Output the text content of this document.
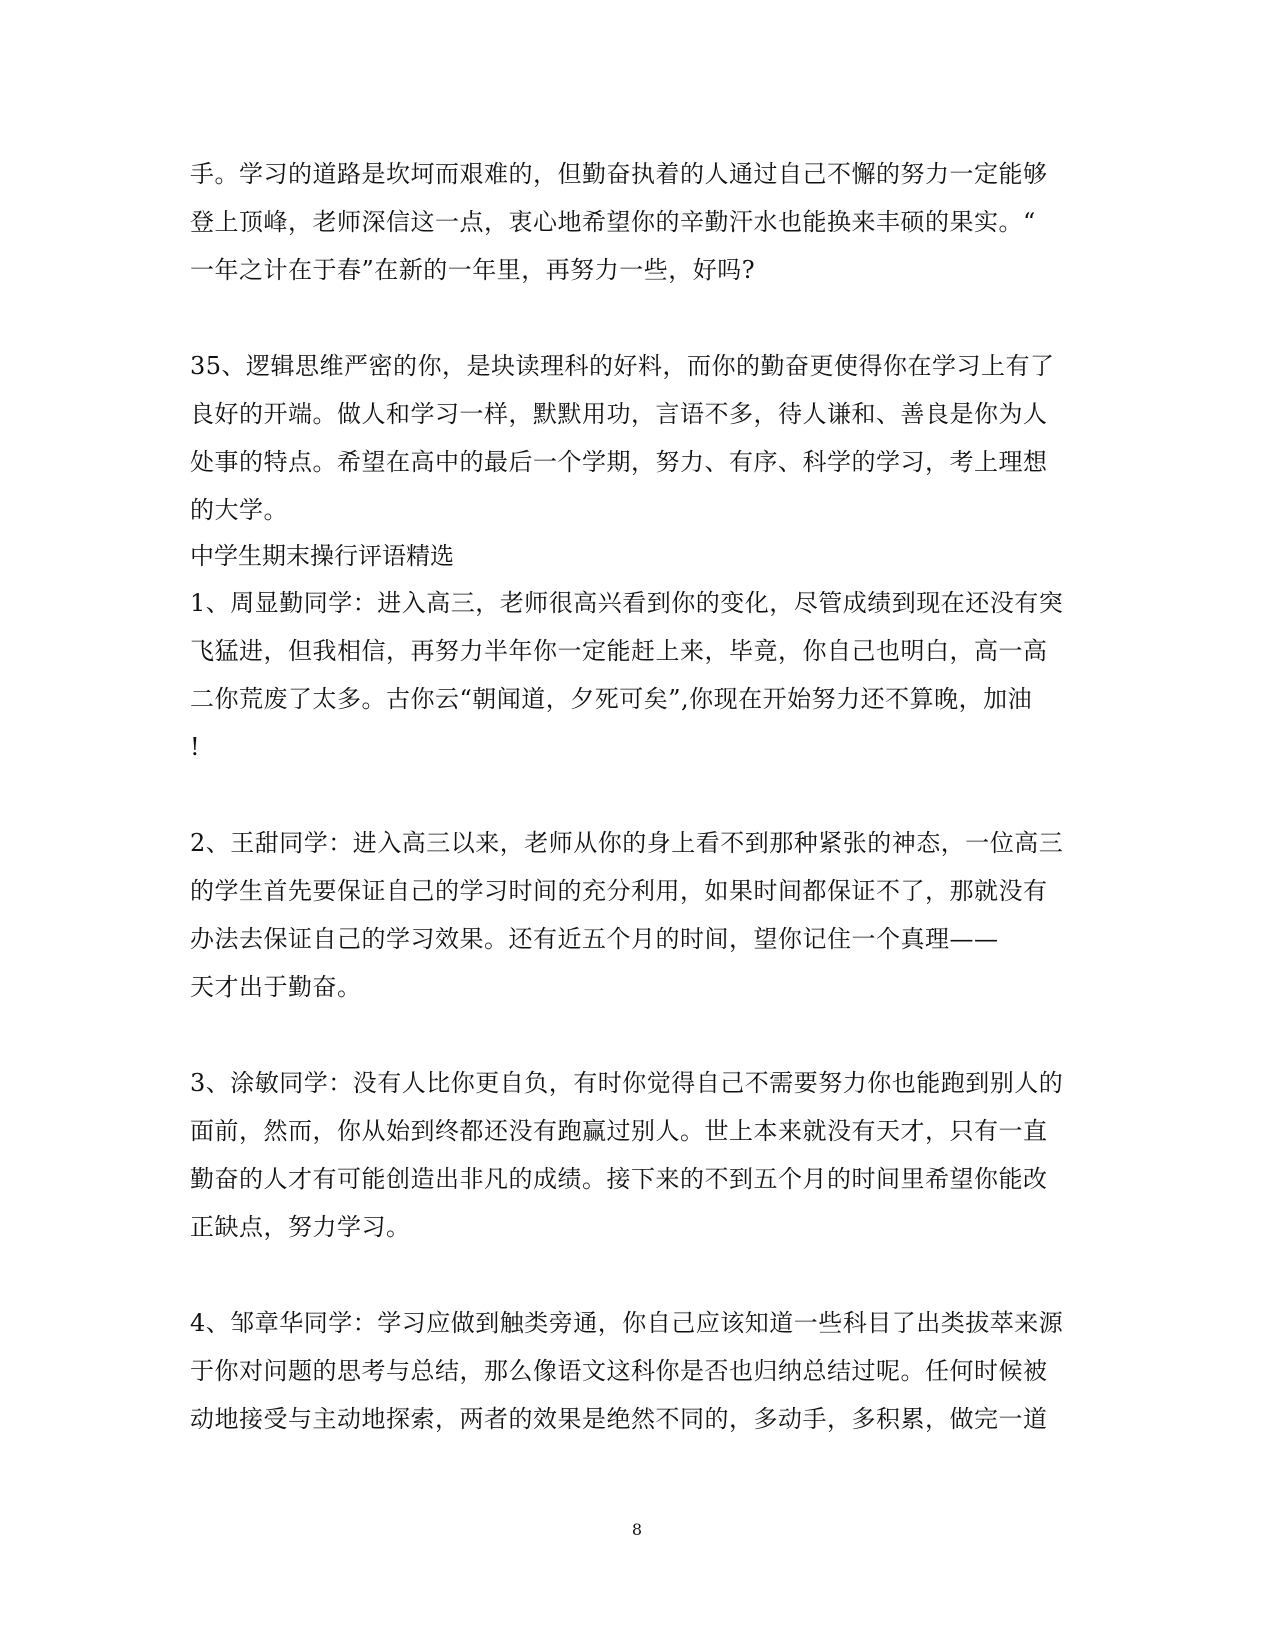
手。学习的道路是坎坷而艰难的，但勤奋执着的人通过自己不懈的努力一定能够
登上顶峰，老师深信这一点，衷心地希望你的辛勤汗水也能换来丰硕的果实。“
一年之计在于春”在新的一年里，再努力一些，好吗?
35、逻辑思维严密的你，是块读理科的好料，而你的勤奋更使得你在学习上有了
良好的开端。做人和学习一样，默默用功，言语不多，待人谦和、善良是你为人
处事的特点。希望在高中的最后一个学期，努力、有序、科学的学习，考上理想
的大学。
中学生期末操行评语精选
1、周显勤同学：进入高三，老师很高兴看到你的变化，尽管成绩到现在还没有突
飞猛进，但我相信，再努力半年你一定能赶上来，毕竟，你自己也明白，高一高
二你荒废了太多。古你云“朝闻道，夕死可矣”,你现在开始努力还不算晚，加油
!
2、王甜同学：进入高三以来，老师从你的身上看不到那种紧张的神态，一位高三
的学生首先要保证自己的学习时间的充分利用，如果时间都保证不了，那就没有
办法去保证自己的学习效果。还有近五个月的时间，望你记住一个真理——
天才出于勤奋。
3、涂敏同学：没有人比你更自负，有时你觉得自己不需要努力你也能跑到别人的
面前，然而，你从始到终都还没有跑赢过别人。世上本来就没有天才，只有一直
勤奋的人才有可能创造出非凡的成绩。接下来的不到五个月的时间里希望你能改
正缺点，努力学习。
4、邹章华同学：学习应做到触类旁通，你自己应该知道一些科目了出类拔萃来源
于你对问题的思考与总结，那么像语文这科你是否也归纳总结过呢。任何时候被
动地接受与主动地探索，两者的效果是绝然不同的，多动手，多积累，做完一道
8
